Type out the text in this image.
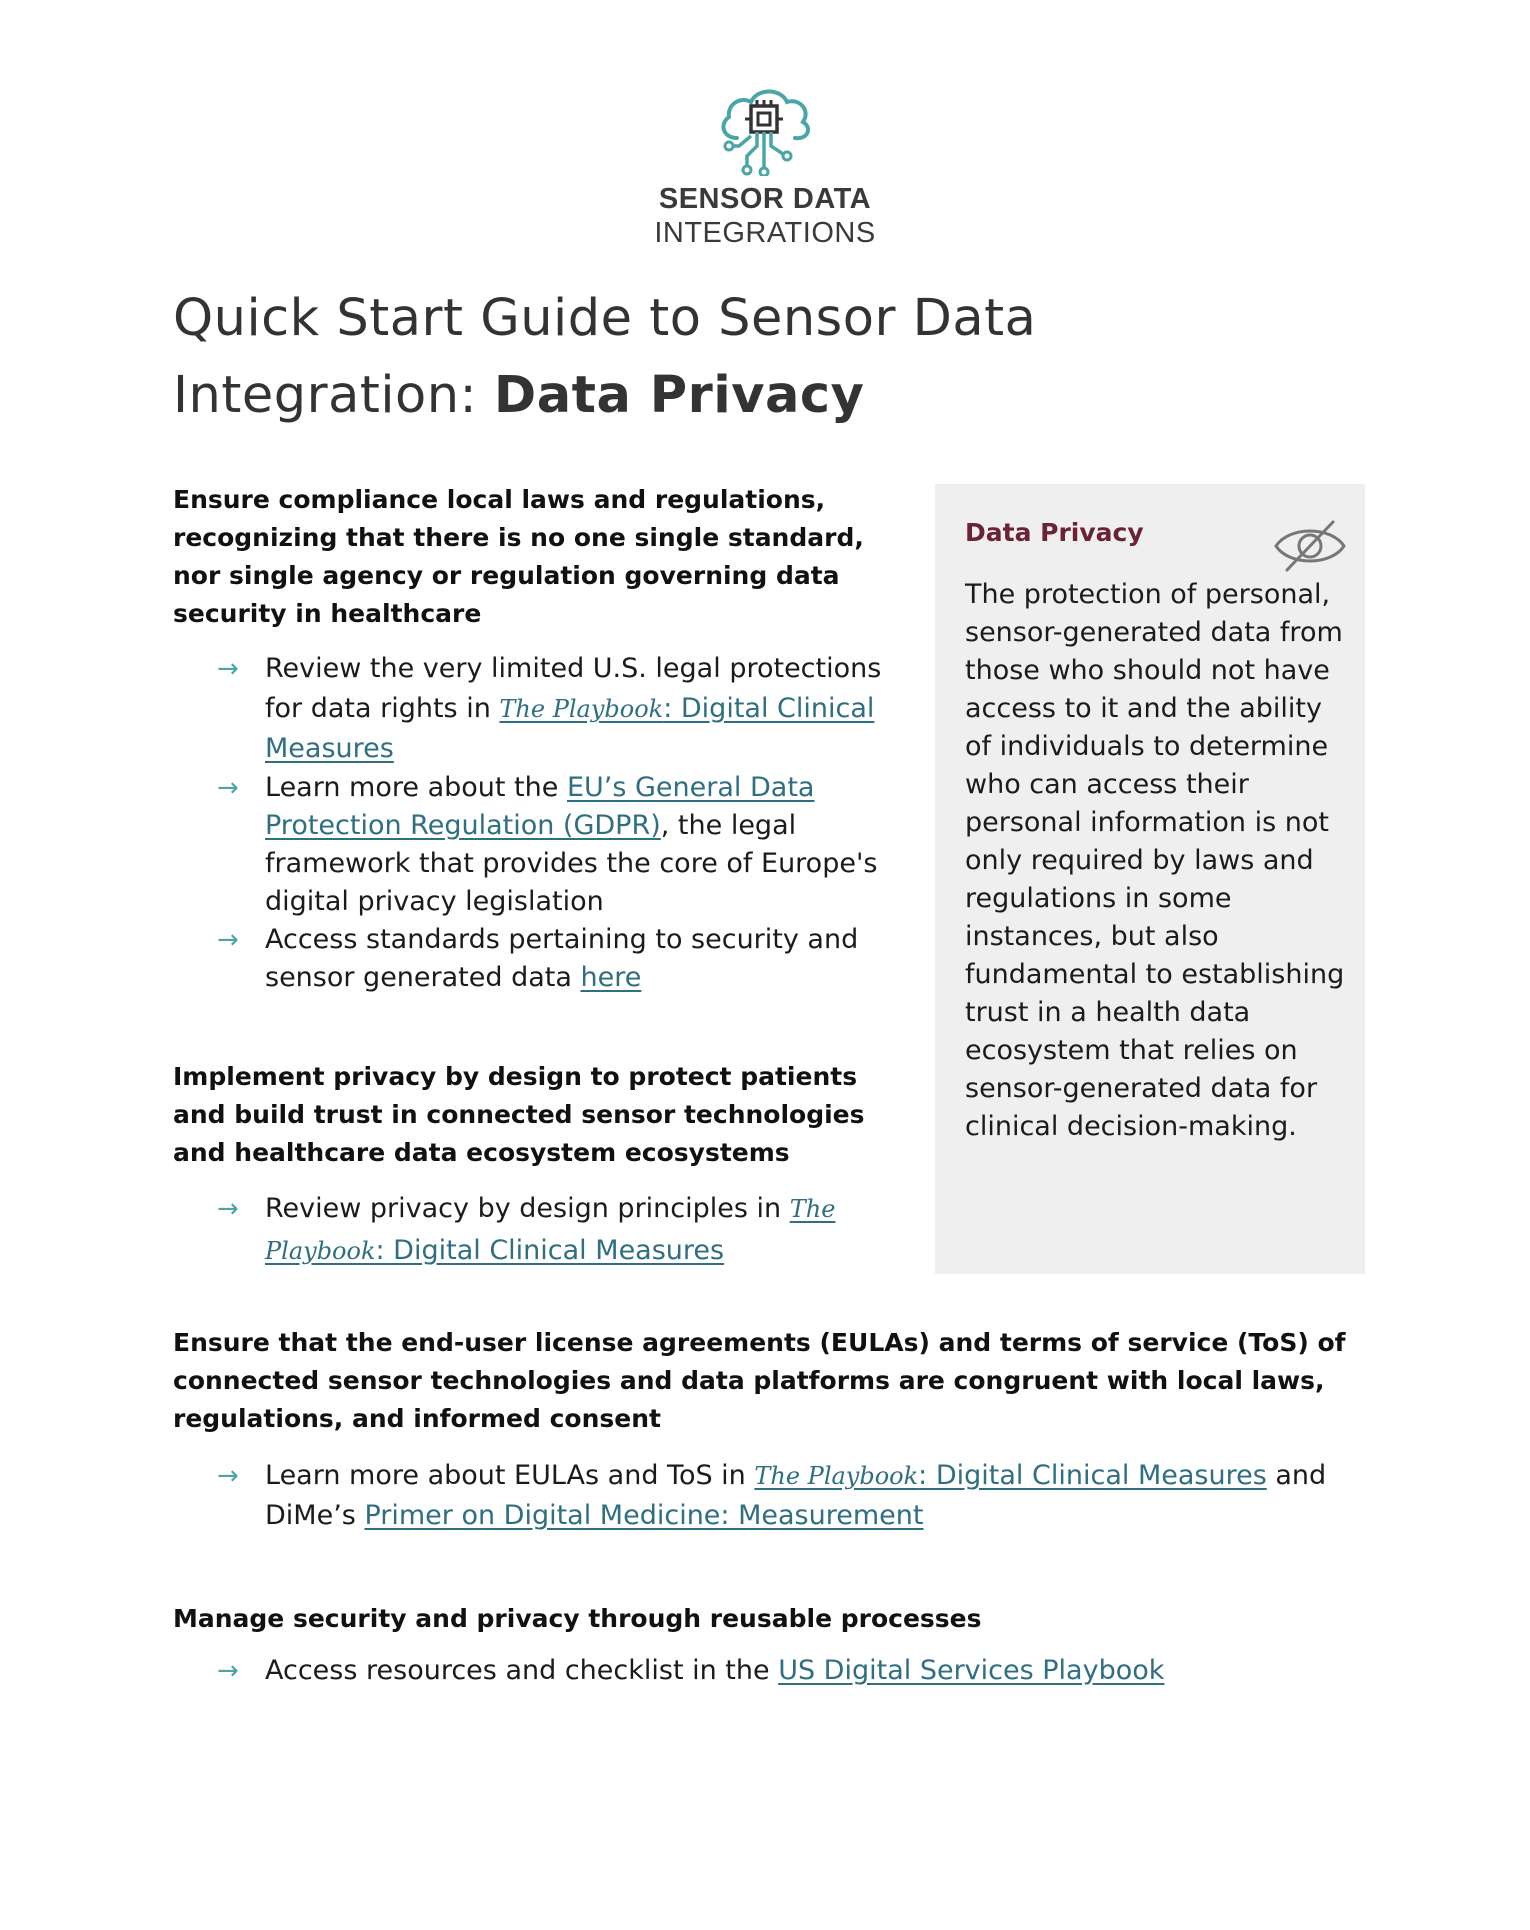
SENSOR DATA
INTEGRATIONS
Quick Start Guide to Sensor Data Integration: Data Privacy

Ensure compliance local laws and regulations, recognizing that there is no one single standard, nor single agency or regulation governing data security in healthcare

→ Review the very limited U.S. legal protections for data rights in The Playbook: Digital Clinical Measures
→ Learn more about the EU’s General Data Protection Regulation (GDPR), the legal framework that provides the core of Europe's digital privacy legislation
→ Access standards pertaining to security and sensor generated data here

Implement privacy by design to protect patients and build trust in connected sensor technologies and healthcare data ecosystem ecosystems

→ Review privacy by design principles in The Playbook: Digital Clinical Measures

Ensure that the end-user license agreements (EULAs) and terms of service (ToS) of connected sensor technologies and data platforms are congruent with local laws, regulations, and informed consent

→ Learn more about EULAs and ToS in The Playbook: Digital Clinical Measures and DiMe’s Primer on Digital Medicine: Measurement

Manage security and privacy through reusable processes

→ Access resources and checklist in the US Digital Services Playbook
Data Privacy
The protection of personal, sensor-generated data from those who should not have access to it and the ability of individuals to determine who can access their personal information is not only required by laws and regulations in some instances, but also fundamental to establishing trust in a health data ecosystem that relies on sensor-generated data for clinical decision-making.
